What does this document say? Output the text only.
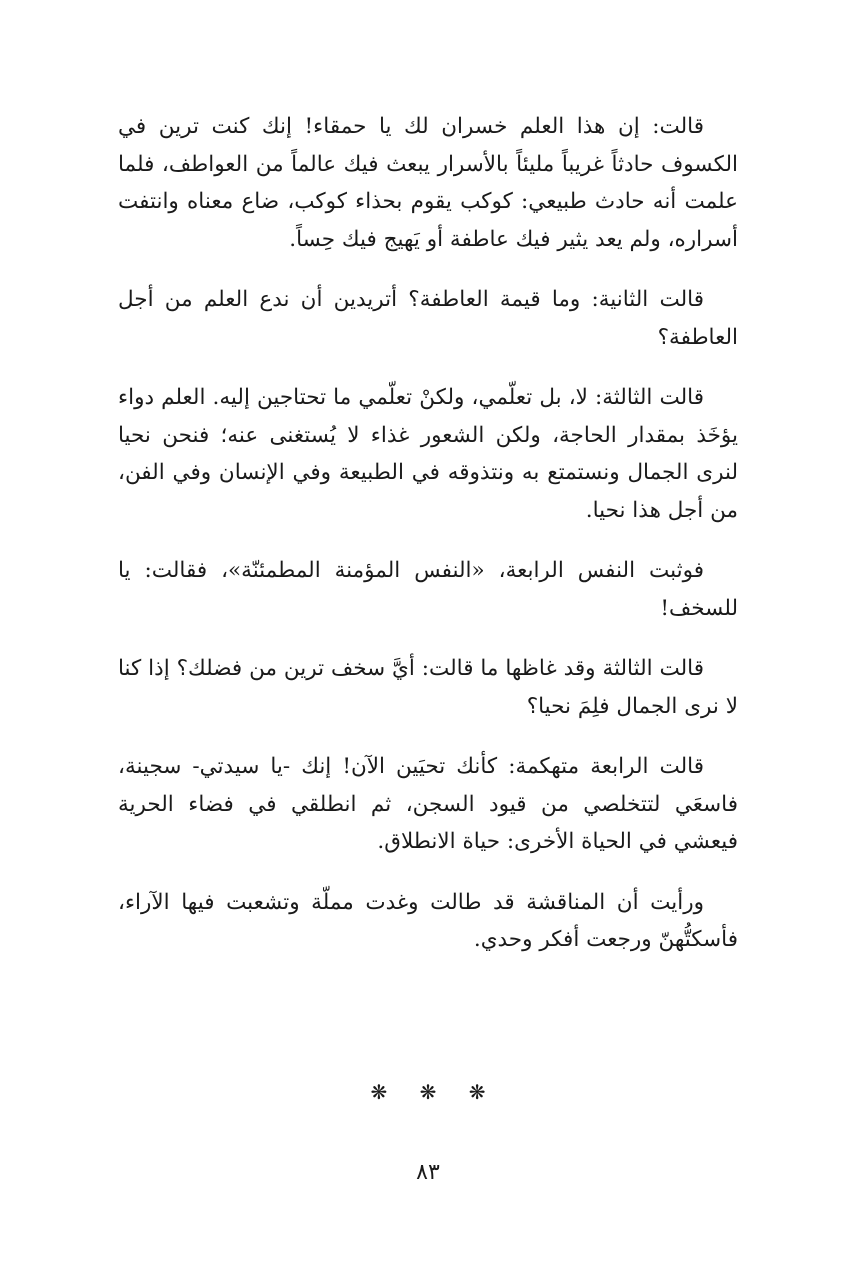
قالت: إن هذا العلم خسران لك يا حمقاء! إنك كنت ترين في الكسوف حادثاً غريباً مليئاً بالأسرار يبعث فيك عالماً من العواطف، فلما علمت أنه حادث طبيعي: كوكب يقوم بحذاء كوكب، ضاع معناه وانتفت أسراره، ولم يعد يثير فيك عاطفة أو يَهيج فيك حِساً.

قالت الثانية: وما قيمة العاطفة؟ أتريدين أن ندع العلم من أجل العاطفة؟

قالت الثالثة: لا، بل تعلّمي، ولكنْ تعلّمي ما تحتاجين إليه. العلم دواء يؤخَذ بمقدار الحاجة، ولكن الشعور غذاء لا يُستغنى عنه؛ فنحن نحيا لنرى الجمال ونستمتع به ونتذوقه في الطبيعة وفي الإنسان وفي الفن، من أجل هذا نحيا.

فوثبت النفس الرابعة، «النفس المؤمنة المطمئنّة»، فقالت: يا للسخف!

قالت الثالثة وقد غاظها ما قالت: أيَّ سخف ترين من فضلك؟ إذا كنا لا نرى الجمال فلِمَ نحيا؟

قالت الرابعة متهكمة: كأنك تحيَين الآن! إنك -يا سيدتي- سجينة، فاسعَي لتتخلصي من قيود السجن، ثم انطلقي في فضاء الحرية فيعشي في الحياة الأخرى: حياة الانطلاق.

ورأيت أن المناقشة قد طالت وغدت مملّة وتشعبت فيها الآراء، فأسكتُّهنّ ورجعت أفكر وحدي.

❋ ❋ ❋
٨٣
